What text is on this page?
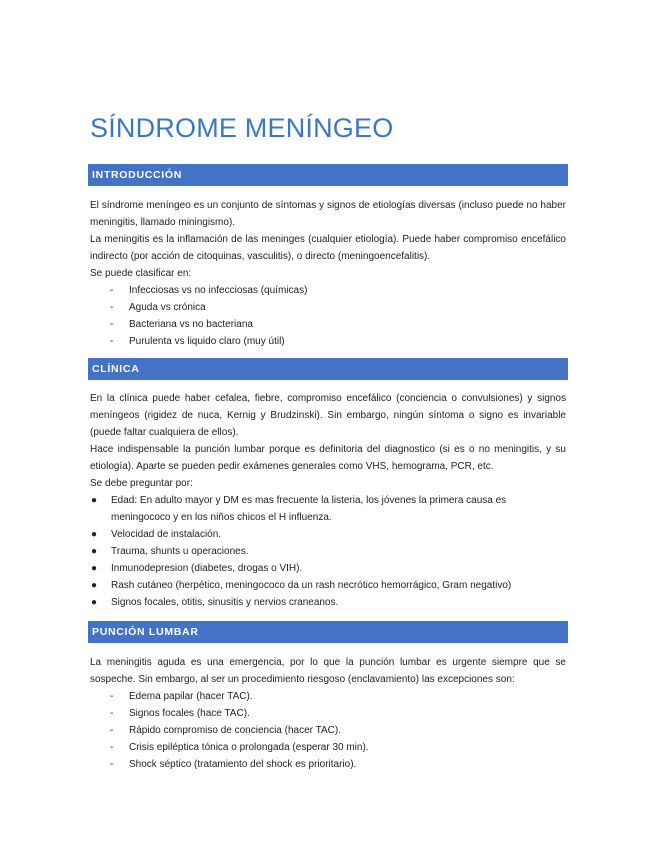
SÍNDROME MENÍNGEO
INTRODUCCIÓN

El síndrome meníngeo es un conjunto de síntomas y signos de etiologías diversas (incluso puede no haber meningitis, llamado miningismo).

La meningitis es la inflamación de las meninges (cualquier etiología). Puede haber compromiso encefálico indirecto (por acción de citoquinas, vasculitis), o directo (meningoencefalitis).

Se puede clasificar en:

- Infecciosas vs no infecciosas (químicas)
- Aguda vs crónica
- Bacteriana vs no bacteriana
- Purulenta vs liquido claro (muy útil)
CLÍNICA

En la clínica puede haber cefalea, fiebre, compromiso encefálico (conciencia o convulsiones) y signos meníngeos (rigidez de nuca, Kernig y Brudzinski). Sin embargo, ningún síntoma o signo es invariable (puede faltar cualquiera de ellos).

Hace indispensable la punción lumbar porque es definitoria del diagnostico (si es o no meningitis, y su etiología). Aparte se pueden pedir exámenes generales como VHS, hemograma, PCR, etc.

Se debe preguntar por:

● Edad: En adulto mayor y DM es mas frecuente la listeria, los jóvenes la primera causa es
meningococo y en los niños chicos el H influenza.
● Velocidad de instalación.
● Trauma, shunts u operaciones.
● Inmunodepresion (diabetes, drogas o VIH).
● Rash cutáneo (herpético, meningococo da un rash necrótico hemorrágico, Gram negativo)
● Signos focales, otitis, sinusitis y nervios craneanos.
PUNCIÓN LUMBAR

La meningitis aguda es una emergencia, por lo que la punción lumbar es urgente siempre que se sospeche. Sin embargo, al ser un procedimiento riesgoso (enclavamiento) las excepciones son:

- Edema papilar (hacer TAC).
- Signos focales (hace TAC).
- Rápido compromiso de conciencia (hacer TAC).
- Crisis epiléptica tónica o prolongada (esperar 30 min).
- Shock séptico (tratamiento del shock es prioritario).
